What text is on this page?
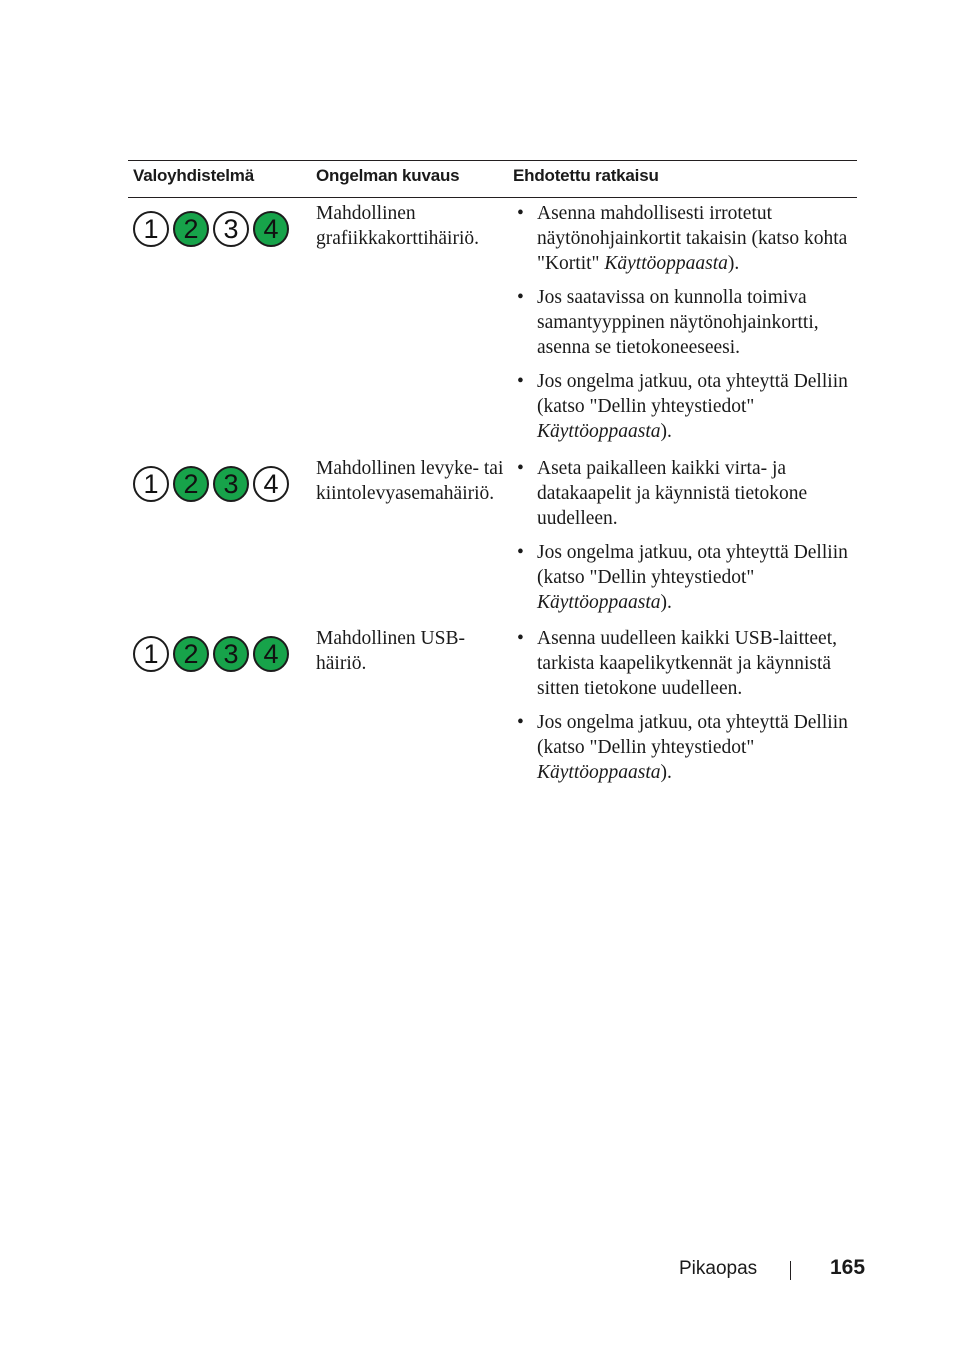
Valoyhdistelmä	Ongelman kuvaus	Ehdotettu ratkaisu
1 2 3 4
Mahdollinen grafiikkakorttihäiriö.
• Asenna mahdollisesti irrotetut näytönohjainkortit takaisin (katso kohta "Kortit" Käyttöoppaasta).
• Jos saatavissa on kunnolla toimiva samantyyppinen näytönohjainkortti, asenna se tietokoneeseesi.
• Jos ongelma jatkuu, ota yhteyttä Delliin (katso "Dellin yhteystiedot" Käyttöoppaasta).
1 2 3 4
Mahdollinen levyke- tai kiintolevyasemahäiriö.
• Aseta paikalleen kaikki virta- ja datakaapelit ja käynnistä tietokone uudelleen.
• Jos ongelma jatkuu, ota yhteyttä Delliin (katso "Dellin yhteystiedot" Käyttöoppaasta).
1 2 3 4
Mahdollinen USB-häiriö.
• Asenna uudelleen kaikki USB-laitteet, tarkista kaapelikytkennät ja käynnistä sitten tietokone uudelleen.
• Jos ongelma jatkuu, ota yhteyttä Delliin (katso "Dellin yhteystiedot" Käyttöoppaasta).
Pikaopas	165
